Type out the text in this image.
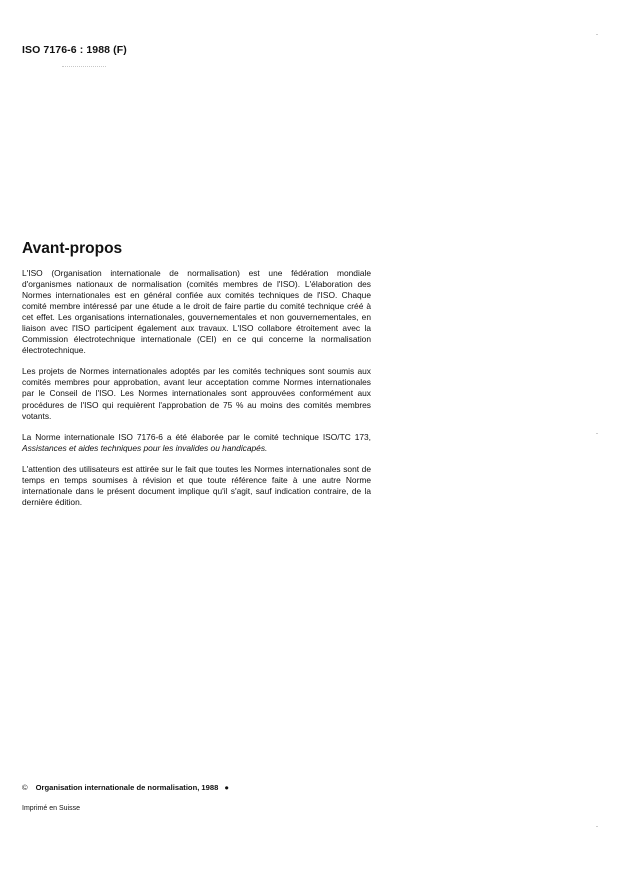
ISO 7176-6 : 1988 (F)
Avant-propos

L'ISO (Organisation internationale de normalisation) est une fédération mondiale d'organismes nationaux de normalisation (comités membres de l'ISO). L'élaboration des Normes internationales est en général confiée aux comités techniques de l'ISO. Chaque comité membre intéressé par une étude a le droit de faire partie du comité technique créé à cet effet. Les organisations internationales, gouvernementales et non gouvernementales, en liaison avec l'ISO participent également aux travaux. L'ISO collabore étroitement avec la Commission électrotechnique internationale (CEI) en ce qui concerne la normalisation électrotechnique.

Les projets de Normes internationales adoptés par les comités techniques sont soumis aux comités membres pour approbation, avant leur acceptation comme Normes internationales par le Conseil de l'ISO. Les Normes internationales sont approuvées conformément aux procédures de l'ISO qui requièrent l'approbation de 75 % au moins des comités membres votants.

La Norme internationale ISO 7176-6 a été élaborée par le comité technique ISO/TC 173, Assistances et aides techniques pour les invalides ou handicapés.

L'attention des utilisateurs est attirée sur le fait que toutes les Normes internationales sont de temps en temps soumises à révision et que toute référence faite à une autre Norme internationale dans le présent document implique qu'il s'agit, sauf indication contraire, de la dernière édition.

© Organisation internationale de normalisation, 1988 ●
Imprimé en Suisse
